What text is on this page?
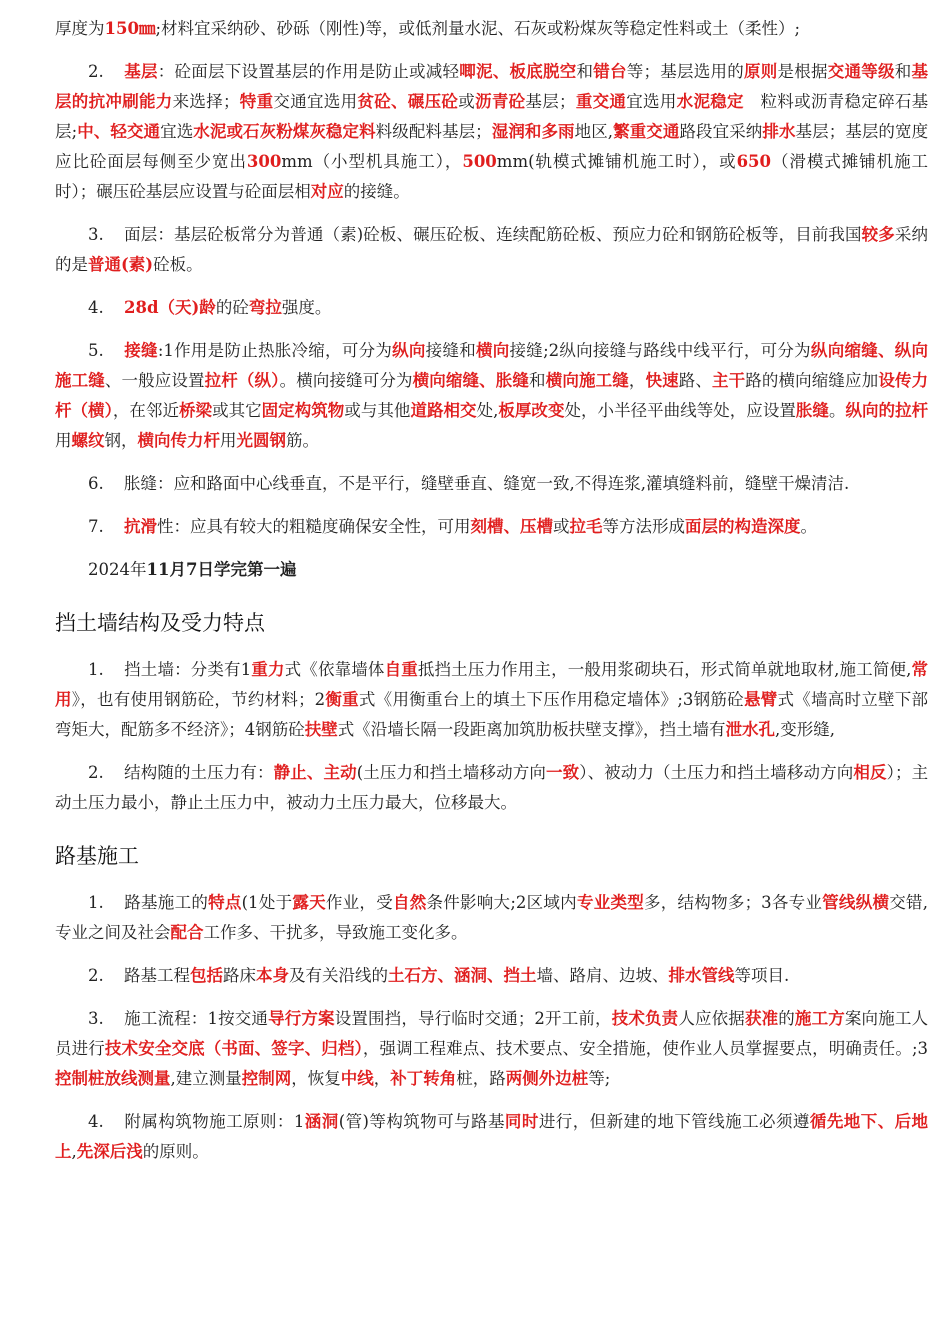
厚度为150㎜;材料宜采纳砂、砂砾（刚性)等，或低剂量水泥、石灰或粉煤灰等稳定性料或土（柔性）;

2. 基层：砼面层下设置基层的作用是防止或减轻唧泥、板底脱空和错台等；基层选用的原则是根据交通等级和基层的抗冲刷能力来选择；特重交通宜选用贫砼、碾压砼或沥青砼基层；重交通宜选用水泥稳定 粒料或沥青稳定碎石基层;中、轻交通宜选水泥或石灰粉煤灰稳定料料级配料基层；湿润和多雨地区,繁重交通路段宜采纳排水基层；基层的宽度应比砼面层每侧至少宽出300mm（小型机具施工），500mm(轨模式摊铺机施工时），或650（滑模式摊铺机施工时）；碾压砼基层应设置与砼面层相对应的接缝。

3. 面层：基层砼板常分为普通（素)砼板、碾压砼板、连续配筋砼板、预应力砼和钢筋砼板等，目前我国较多采纳的是普通(素)砼板。

4. 28d（天)龄的砼弯拉强度。

5. 接缝:1作用是防止热胀冷缩，可分为纵向接缝和横向接缝;2纵向接缝与路线中线平行，可分为纵向缩缝、纵向施工缝、一般应设置拉杆（纵）。横向接缝可分为横向缩缝、胀缝和横向施工缝，快速路、主干路的横向缩缝应加设传力杆（横），在邻近桥梁或其它固定构筑物或与其他道路相交处,板厚改变处，小半径平曲线等处，应设置胀缝。纵向的拉杆用螺纹钢，横向传力杆用光圆钢筋。

6. 胀缝：应和路面中心线垂直，不是平行，缝壁垂直、缝宽一致,不得连浆,灌填缝料前，缝壁干燥清洁.

7. 抗滑性：应具有较大的粗糙度确保安全性，可用刻槽、压槽或拉毛等方法形成面层的构造深度。

2024年11月7日学完第一遍

挡土墙结构及受力特点

1. 挡土墙：分类有1重力式《依靠墙体自重抵挡土压力作用主，一般用浆砌块石，形式简单就地取材,施工简便,常用》，也有使用钢筋砼，节约材料；2衡重式《用衡重台上的填土下压作用稳定墙体》;3钢筋砼悬臂式《墙高时立壁下部弯矩大，配筋多不经济》；4钢筋砼扶壁式《沿墙长隔一段距离加筑肋板扶壁支撑》，挡土墙有泄水孔,变形缝,

2. 结构随的土压力有：静止、主动(土压力和挡土墙移动方向一致）、被动力（土压力和挡土墙移动方向相反）；主动土压力最小，静止土压力中，被动力土压力最大，位移最大。

路基施工

1. 路基施工的特点(1处于露天作业，受自然条件影响大;2区域内专业类型多，结构物多；3各专业管线纵横交错,专业之间及社会配合工作多、干扰多，导致施工变化多。

2. 路基工程包括路床本身及有关沿线的土石方、涵洞、挡土墙、路肩、边坡、排水管线等项目.

3. 施工流程：1按交通导行方案设置围挡，导行临时交通；2开工前，技术负责人应依据获准的施工方案向施工人员进行技术安全交底（书面、签字、归档），强调工程难点、技术要点、安全措施，使作业人员掌握要点，明确责任。;3控制桩放线测量,建立测量控制网，恢复中线，补丁转角桩，路两侧外边桩等;

4. 附属构筑物施工原则：1涵洞(管)等构筑物可与路基同时进行，但新建的地下管线施工必须遵循先地下、后地上,先深后浅的原则。
